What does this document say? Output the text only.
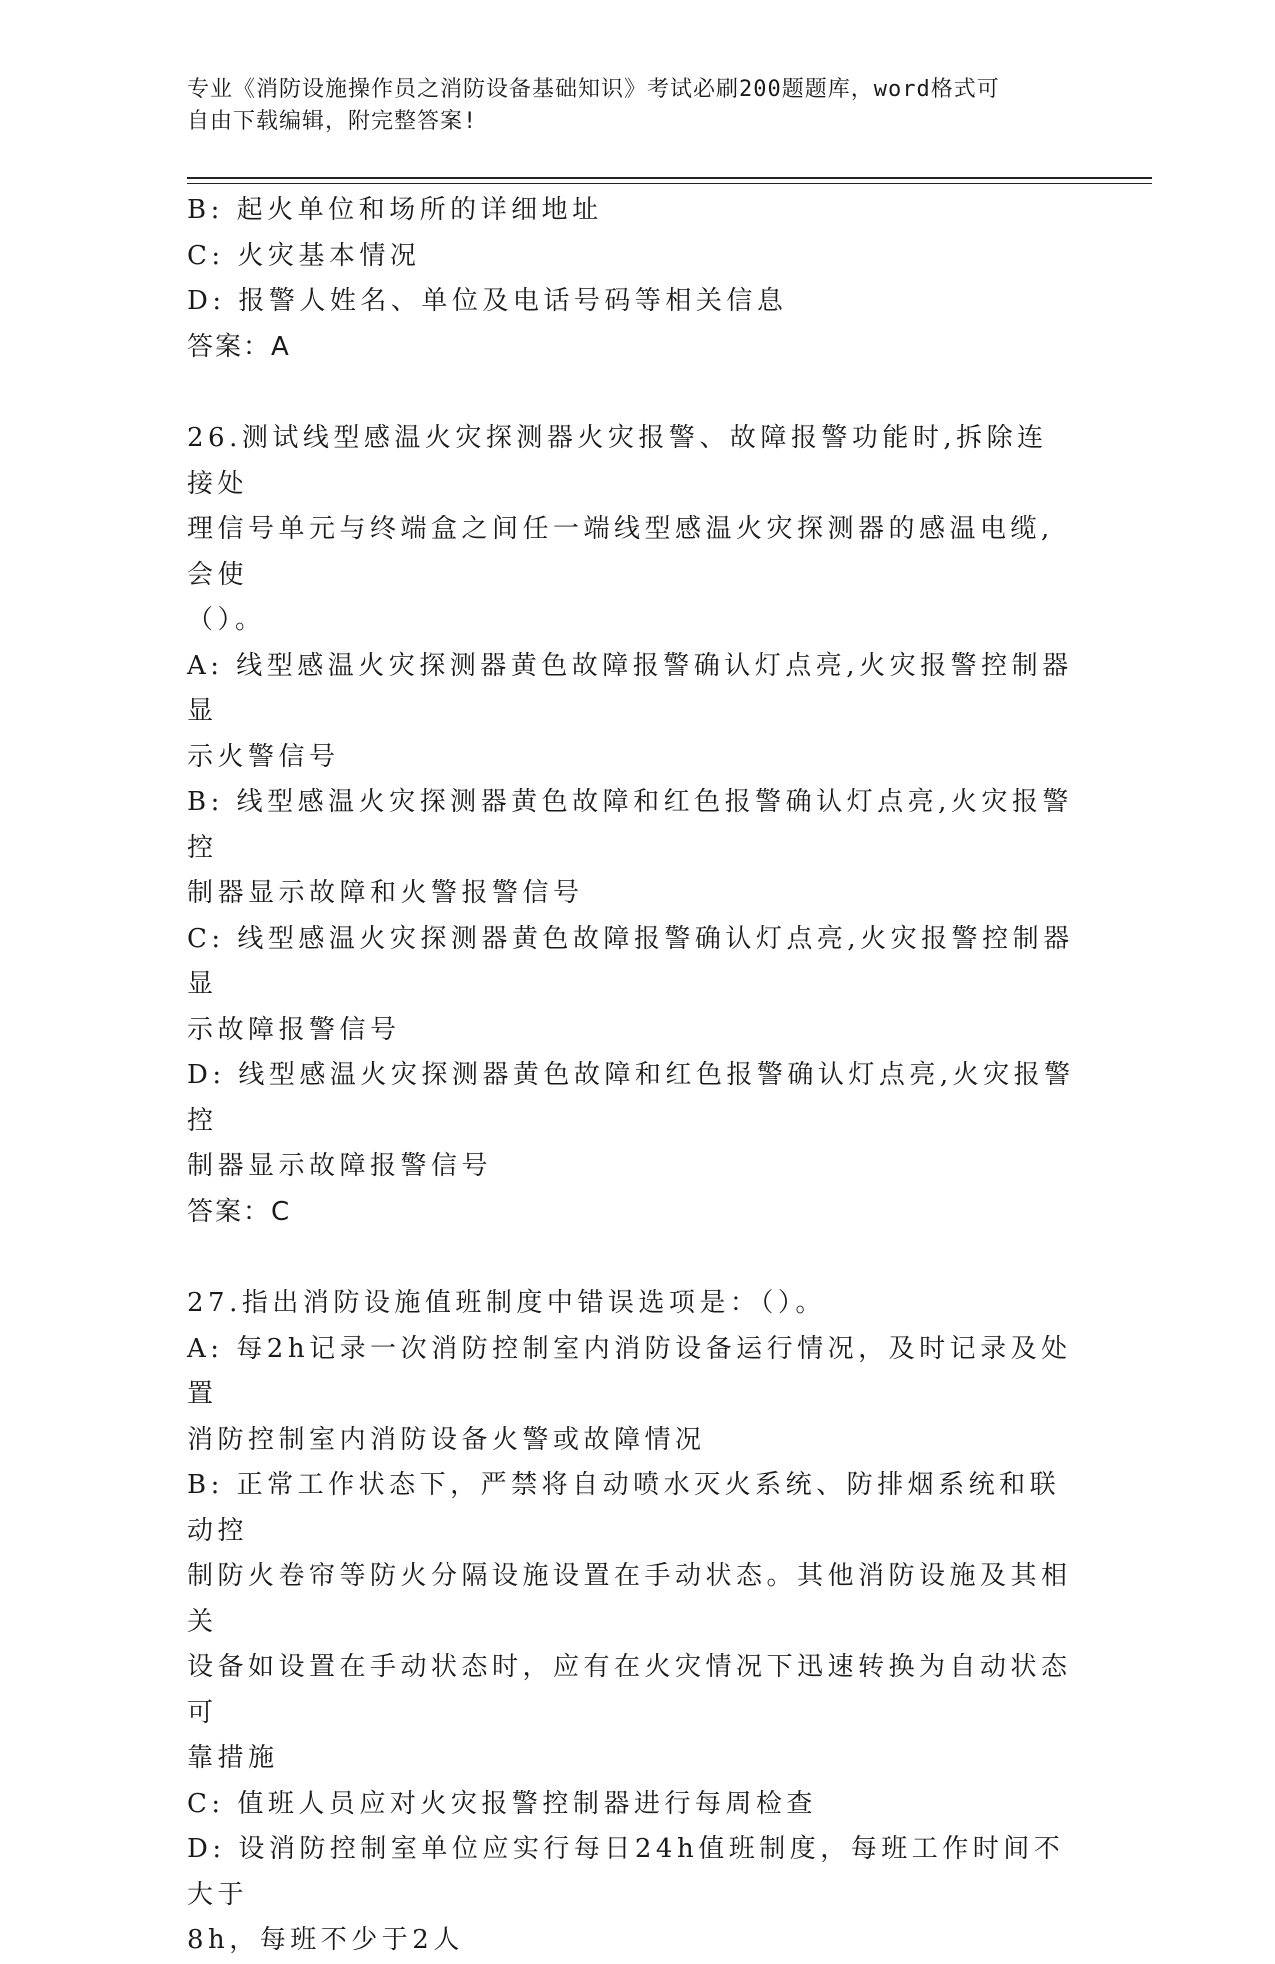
专业《消防设施操作员之消防设备基础知识》考试必刷200题题库，word格式可
自由下载编辑，附完整答案!

B: 起火单位和场所的详细地址

C: 火灾基本情况

D: 报警人姓名、单位及电话号码等相关信息

答案：A

26.测试线型感温火灾探测器火灾报警、故障报警功能时,拆除连接处

理信号单元与终端盒之间任一端线型感温火灾探测器的感温电缆,会使

（）。

A: 线型感温火灾探测器黄色故障报警确认灯点亮,火灾报警控制器显

示火警信号

B: 线型感温火灾探测器黄色故障和红色报警确认灯点亮,火灾报警控

制器显示故障和火警报警信号

C: 线型感温火灾探测器黄色故障报警确认灯点亮,火灾报警控制器显

示故障报警信号

D: 线型感温火灾探测器黄色故障和红色报警确认灯点亮,火灾报警控

制器显示故障报警信号

答案：C

27.指出消防设施值班制度中错误选项是：（）。

A: 每2h记录一次消防控制室内消防设备运行情况，及时记录及处置

消防控制室内消防设备火警或故障情况

B: 正常工作状态下，严禁将自动喷水灭火系统、防排烟系统和联动控

制防火卷帘等防火分隔设施设置在手动状态。其他消防设施及其相关

设备如设置在手动状态时，应有在火灾情况下迅速转换为自动状态可

靠措施

C: 值班人员应对火灾报警控制器进行每周检查

D: 设消防控制室单位应实行每日24h值班制度，每班工作时间不大于

8h，每班不少于2人
